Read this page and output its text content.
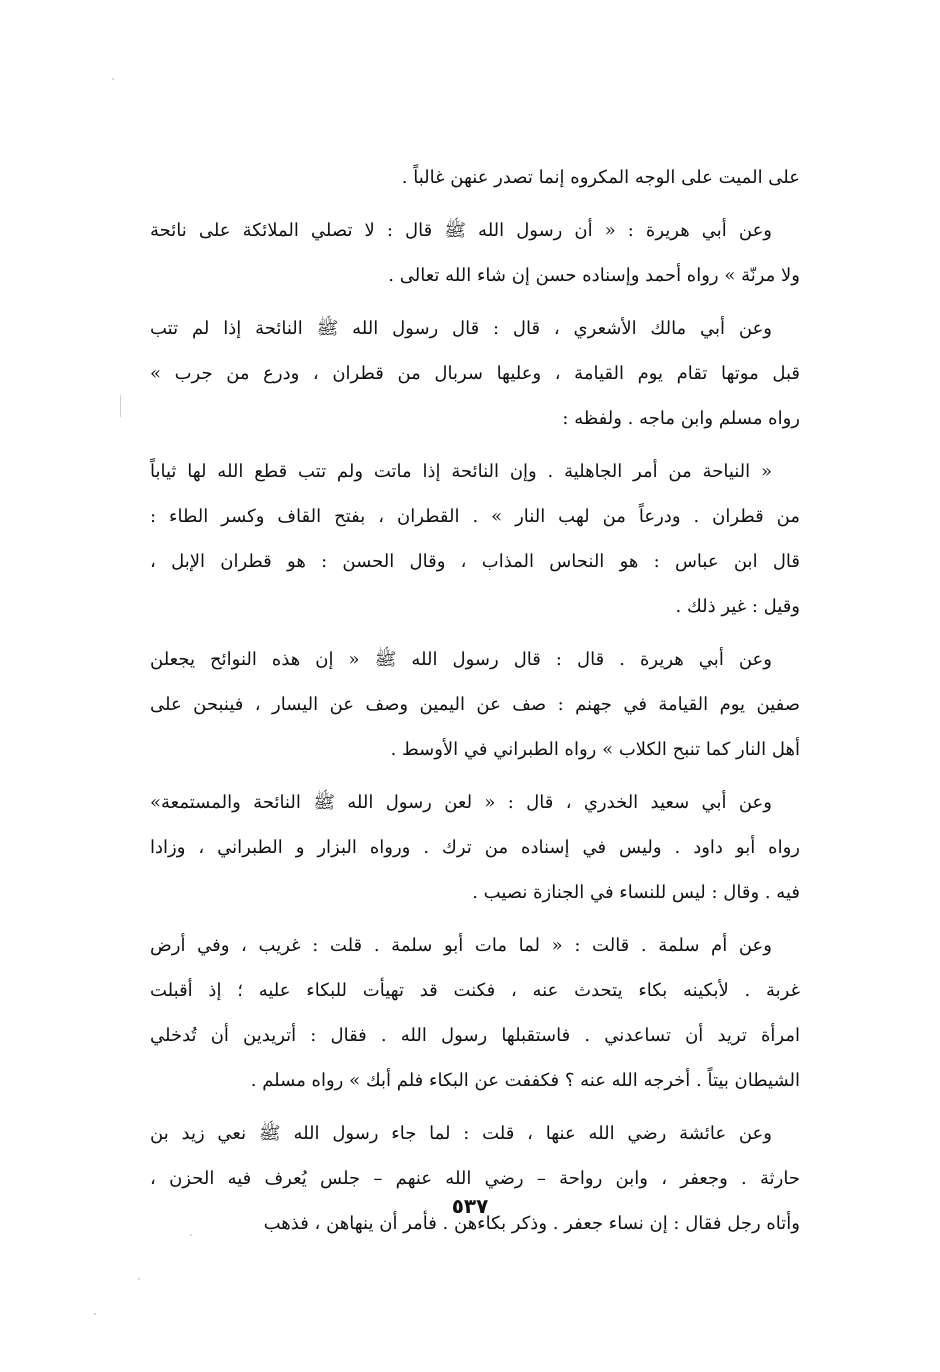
على الميت على الوجه المكروه إنما تصدر عنهن غالباً .
وعن أبي هريرة : « أن رسول الله ﷺ قال : لا تصلي الملائكة على نائحة
ولا مرنّة » رواه أحمد وإسناده حسن إن شاء الله تعالى .
وعن أبي مالك الأشعري ، قال : قال رسول الله ﷺ النائحة إذا لم تتب
قبل موتها تقام يوم القيامة ، وعليها سربال من قطران ، ودرع من جرب »
رواه مسلم وابن ماجه . ولفظه :
« النياحة من أمر الجاهلية . وإن النائحة إذا ماتت ولم تتب قطع الله لها ثياباً
من قطران . ودرعاً من لهب النار » . القطران ، بفتح القاف وكسر الطاء :
قال ابن عباس : هو النحاس المذاب ، وقال الحسن : هو قطران الإبل ،
وقيل : غير ذلك .
وعن أبي هريرة . قال : قال رسول الله ﷺ « إن هذه النوائح يجعلن
صفين يوم القيامة في جهنم : صف عن اليمين وصف عن اليسار ، فينبحن على
أهل النار كما تنبح الكلاب » رواه الطبراني في الأوسط .
وعن أبي سعيد الخدري ، قال : « لعن رسول الله ﷺ النائحة والمستمعة»
رواه أبو داود . وليس في إسناده من ترك . ورواه البزار و الطبراني ، وزادا
فيه . وقال : ليس للنساء في الجنازة نصيب .
وعن أم سلمة . قالت : « لما مات أبو سلمة . قلت : غريب ، وفي أرض
غربة . لأبكينه بكاء يتحدث عنه ، فكنت قد تهيأت للبكاء عليه ؛ إذ أقبلت
امرأة تريد أن تساعدني . فاستقبلها رسول الله . فقال : أتريدين أن تُدخلي
الشيطان بيتاً . أخرجه الله عنه ؟ فكففت عن البكاء فلم أبك » رواه مسلم .
وعن عائشة رضي الله عنها ، قلت : لما جاء رسول الله ﷺ نعي زيد بن
حارثة . وجعفر ، وابن رواحة – رضي الله عنهم – جلس يُعرف فيه الحزن ،
وأتاه رجل فقال : إن نساء جعفر . وذكر بكاءهن . فأمر أن ينهاهن ، فذهب
٥٣٧
